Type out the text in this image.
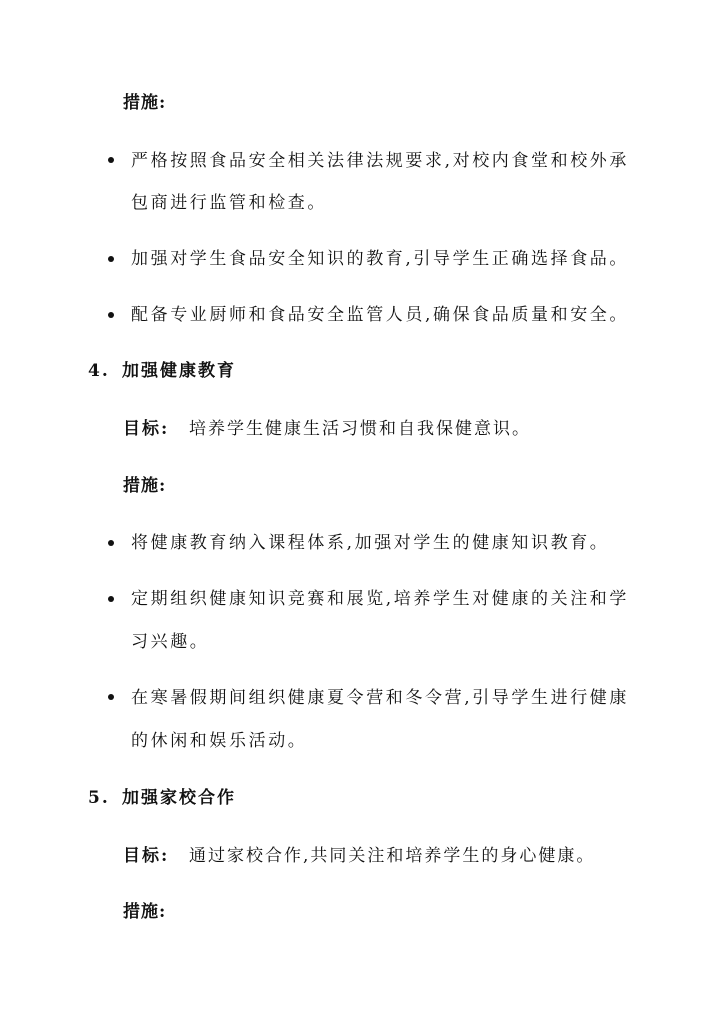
措施:
严格按照食品安全相关法律法规要求,对校内食堂和校外承
包商进行监管和检查。
加强对学生食品安全知识的教育,引导学生正确选择食品。
配备专业厨师和食品安全监管人员,确保食品质量和安全。
4. 加强健康教育
目标: 培养学生健康生活习惯和自我保健意识。
措施:
将健康教育纳入课程体系,加强对学生的健康知识教育。
定期组织健康知识竞赛和展览,培养学生对健康的关注和学
习兴趣。
在寒暑假期间组织健康夏令营和冬令营,引导学生进行健康
的休闲和娱乐活动。
5. 加强家校合作
目标: 通过家校合作,共同关注和培养学生的身心健康。
措施:
